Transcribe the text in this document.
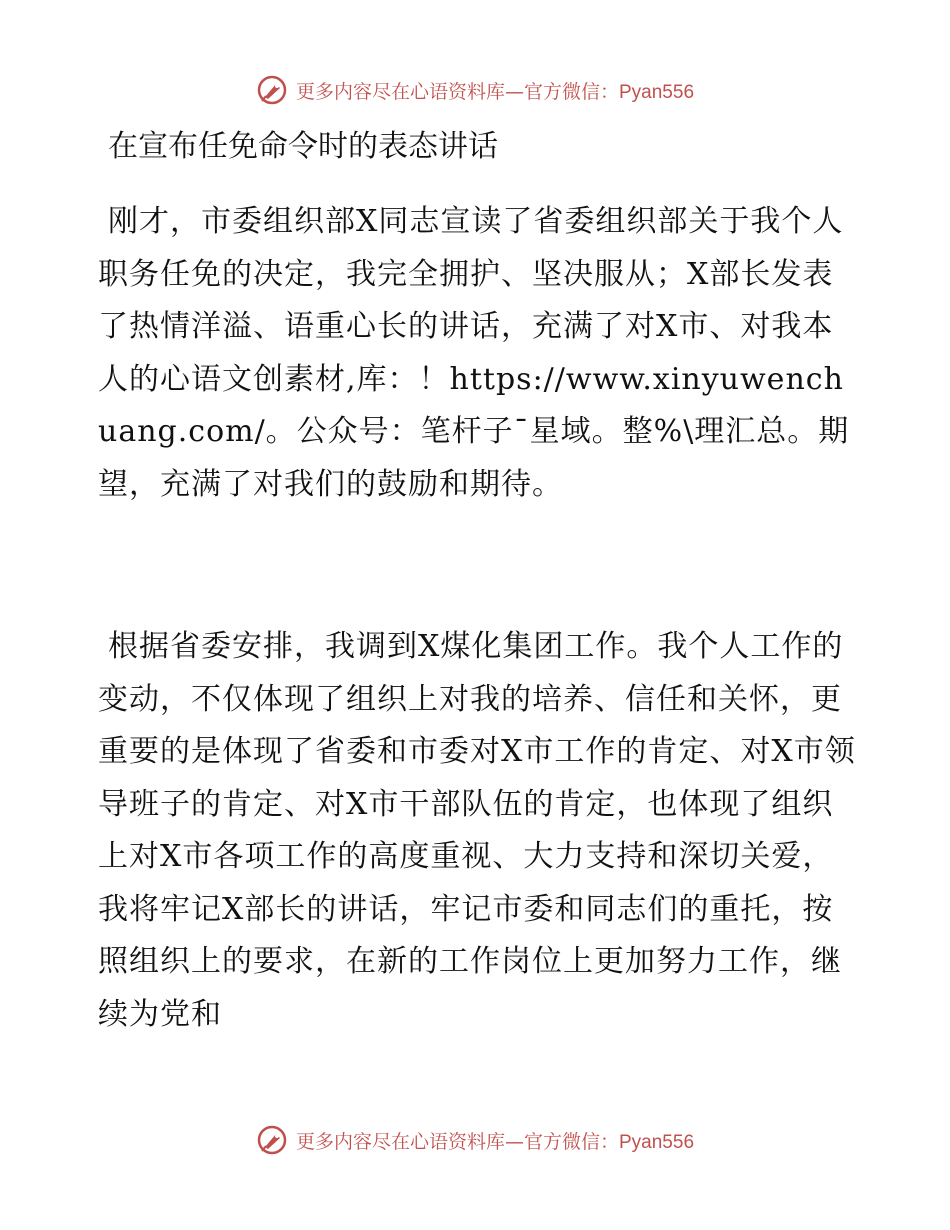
更多内容尽在心语资料库—官方微信：Pyan556
在宣布任免命令时的表态讲话

刚才，市委组织部X同志宣读了省委组织部关于我个人职务任免的决定，我完全拥护、坚决服从；X部长发表了热情洋溢、语重心长的讲话，充满了对X市、对我本人的心语文创素材,库：！https://www.xinyuwenchuang.com/。公众号：笔杆子¯星域。整%\理汇总。期望，充满了对我们的鼓励和期待。

根据省委安排，我调到X煤化集团工作。我个人工作的变动，不仅体现了组织上对我的培养、信任和关怀，更重要的是体现了省委和市委对X市工作的肯定、对X市领导班子的肯定、对X市干部队伍的肯定，也体现了组织上对X市各项工作的高度重视、大力支持和深切关爱，我将牢记X部长的讲话，牢记市委和同志们的重托，按照组织上的要求，在新的工作岗位上更加努力工作，继续为党和

更多内容尽在心语资料库—官方微信：Pyan556
